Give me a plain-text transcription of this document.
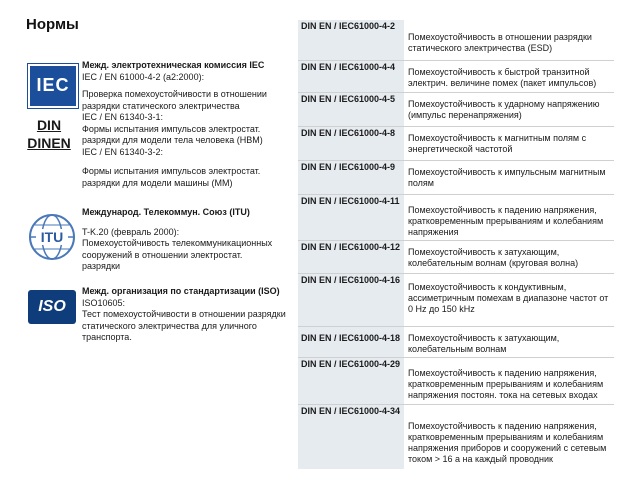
Нормы
IEC
DIN
DINEN
Межд. электротехническая комиссия IEC
IEC / EN 61000-4-2 (a2:2000):
Проверка помехоустойчивости в отношении
разрядки статического электричества
IEC / EN 61340-3-1:
Формы испытания импульсов электростат.
разрядки для модели тела человека (HBM)
IEC / EN 61340-3-2:
Формы испытания импульсов электростат.
разрядки для модели машины (MM)
ITU
Международ. Телекоммун. Союз (ITU)
T-K.20 (февраль 2000):
Помехоустойчивость телекоммуникационных
сооружений в отношении электростат.
разрядки
ISO
Межд. организация по стандартизации (ISO)
ISO10605:
Тест помехоустойчивости в отношении разрядки
статического электричества для уличного
транспорта.
DIN EN / IEC61000-4-2
Помехоустойчивость в отношении разрядки
статического электричества (ESD)
DIN EN / IEC61000-4-4	Помехоустойчивость к быстрой транзитной
электрич. величине помех (пакет импульсов)
DIN EN / IEC61000-4-5	Помехоустойчивость к ударному напряжению
(импульс перенапряжения)
DIN EN / IEC61000-4-8	Помехоустойчивость к магнитным полям с
энергетической частотой
DIN EN / IEC61000-4-9	Помехоустойчивость к импульсным магнитным
полям
DIN EN / IEC61000-4-11
Помехоустойчивость к падению напряжения,
кратковременным прерываниям и колебаниям
напряжения
DIN EN / IEC61000-4-12 Помехоустойчивость к затухающим,
колебательным волнам (круговая волна)
DIN EN / IEC61000-4-16
Помехоустойчивость к кондуктивным,
ассиметричным помехам в диапазоне частот от
0 Hz до 150 kHz
DIN EN / IEC61000-4-18 Помехоустойчивость к затухающим,
колебательным волнам
DIN EN / IEC61000-4-29
Помехоустойчивость к падению напряжения,
кратковременным прерываниям и колебаниям
напряжения постоян. тока на сетевых входах
DIN EN / IEC61000-4-34
Помехоустойчивость к падению напряжения,
кратковременным прерываниям и колебаниям
напряжения приборов и сооружений с сетевым
током > 16 а на каждый проводник
